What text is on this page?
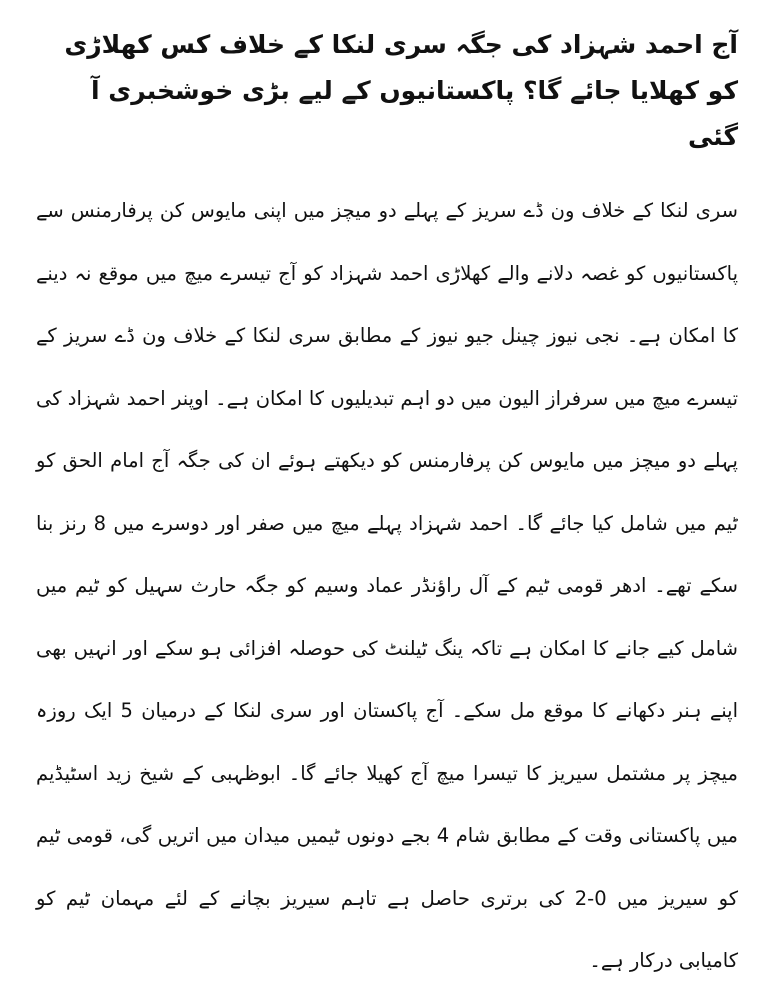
آج احمد شہزاد کی جگہ سری لنکا کے خلاف کس کھلاڑی کو کھلایا جائے گا؟ پاکستانیوں کے لیے بڑی خوشخبری آ گئی

سری لنکا کے خلاف ون ڈے سریز کے پہلے دو میچز میں اپنی مایوس کن پرفارمنس سے پاکستانیوں کو غصہ دلانے والے کھلاڑی احمد شہزاد کو آج تیسرے میچ میں موقع نہ دینے کا امکان ہے۔ نجی نیوز چینل جیو نیوز کے مطابق سری لنکا کے خلاف ون ڈے سریز کے تیسرے میچ میں سرفراز الیون میں دو اہم تبدیلیوں کا امکان ہے۔ اوپنر احمد شہزاد کی پہلے دو میچز میں مایوس کن پرفارمنس کو دیکھتے ہوئے ان کی جگہ آج امام الحق کو ٹیم میں شامل کیا جائے گا۔ احمد شہزاد پہلے میچ میں صفر اور دوسرے میں 8 رنز بنا سکے تھے۔ ادھر قومی ٹیم کے آل راؤنڈر عماد وسیم کو جگہ حارث سہیل کو ٹیم میں شامل کیے جانے کا امکان ہے تاکہ ینگ ٹیلنٹ کی حوصلہ افزائی ہو سکے اور انہیں بھی اپنے ہنر دکھانے کا موقع مل سکے۔ آج پاکستان اور سری لنکا کے درمیان 5 ایک روزہ میچز پر مشتمل سیریز کا تیسرا میچ آج کھیلا جائے گا۔ ابوظہبی کے شیخ زید اسٹیڈیم میں پاکستانی وقت کے مطابق شام 4 بجے دونوں ٹیمیں میدان میں اتریں گی، قومی ٹیم کو سیریز میں 0-2 کی برتری حاصل ہے تاہم سیریز بچانے کے لئے مہمان ٹیم کو کامیابی درکار ہے۔
